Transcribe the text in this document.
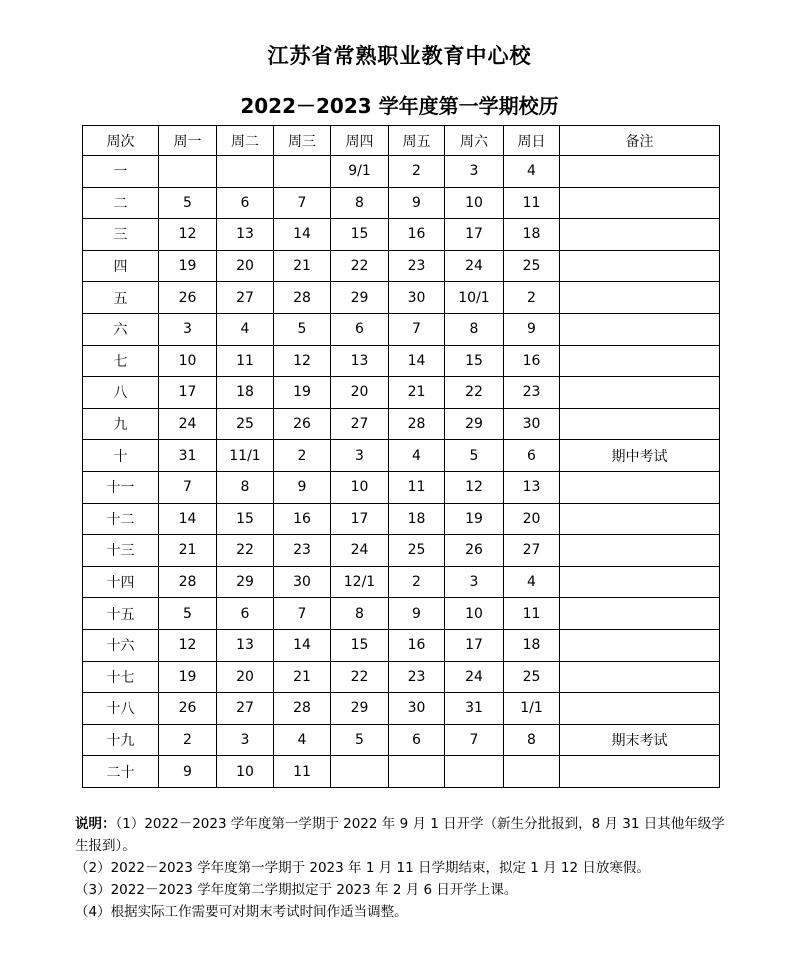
江苏省常熟职业教育中心校
2022－2023 学年度第一学期校历
周次	周一	周二	周三	周四	周五	周六	周日	备注
一				9/1	2	3	4	
二	5	6	7	8	9	10	11	
三	12	13	14	15	16	17	18	
四	19	20	21	22	23	24	25	
五	26	27	28	29	30	10/1	2	
六	3	4	5	6	7	8	9	
七	10	11	12	13	14	15	16	
八	17	18	19	20	21	22	23	
九	24	25	26	27	28	29	30	
十	31	11/1	2	3	4	5	6	期中考试
十一	7	8	9	10	11	12	13	
十二	14	15	16	17	18	19	20	
十三	21	22	23	24	25	26	27	
十四	28	29	30	12/1	2	3	4	
十五	5	6	7	8	9	10	11	
十六	12	13	14	15	16	17	18	
十七	19	20	21	22	23	24	25	
十八	26	27	28	29	30	31	1/1	
十九	2	3	4	5	6	7	8	期末考试
二十	9	10	11					

说明：（1）2022－2023 学年度第一学期于 2022 年 9 月 1 日开学（新生分批报到，8 月 31 日其他年级学生报到）。

（2）2022－2023 学年度第一学期于 2023 年 1 月 11 日学期结束，拟定 1 月 12 日放寒假。

（3）2022－2023 学年度第二学期拟定于 2023 年 2 月 6 日开学上课。

（4）根据实际工作需要可对期末考试时间作适当调整。
